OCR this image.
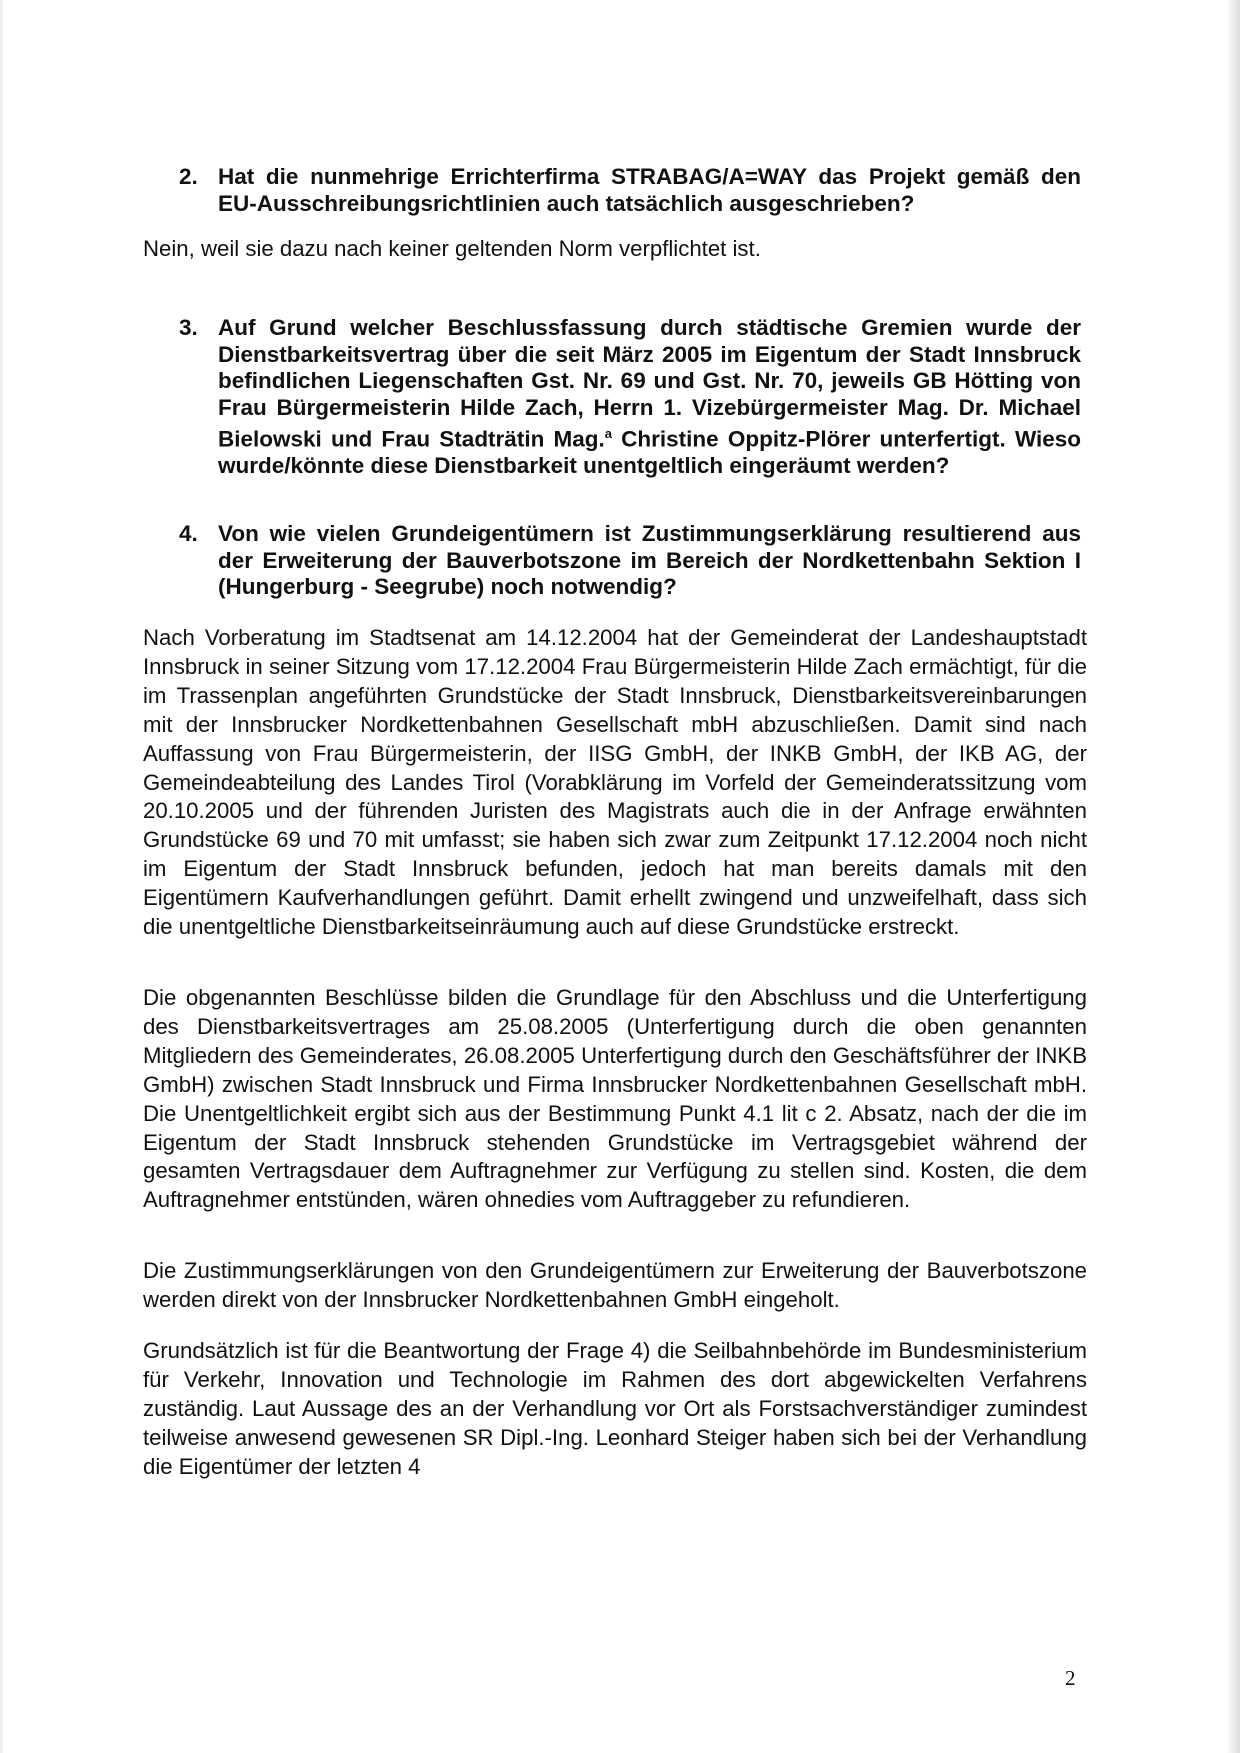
2. Hat die nunmehrige Errichterfirma STRABAG/A=WAY das Projekt gemäß den EU-Ausschreibungsrichtlinien auch tatsächlich ausgeschrieben?
Nein, weil sie dazu nach keiner geltenden Norm verpflichtet ist.
3. Auf Grund welcher Beschlussfassung durch städtische Gremien wurde der Dienstbarkeitsvertrag über die seit März 2005 im Eigentum der Stadt Innsbruck befindlichen Liegenschaften Gst. Nr. 69 und Gst. Nr. 70, jeweils GB Hötting von Frau Bürgermeisterin Hilde Zach, Herrn 1. Vizebürgermeister Mag. Dr. Michael Bielowski und Frau Stadträtin Mag.$^a$ Christine Oppitz-Plörer unterfertigt. Wieso wurde/könnte diese Dienstbarkeit unentgeltlich eingeräumt werden?
4. Von wie vielen Grundeigentümern ist Zustimmungserklärung resultierend aus der Erweiterung der Bauverbotszone im Bereich der Nordkettenbahn Sektion I (Hungerburg - Seegrube) noch notwendig?
Nach Vorberatung im Stadtsenat am 14.12.2004 hat der Gemeinderat der Landeshauptstadt Innsbruck in seiner Sitzung vom 17.12.2004 Frau Bürgermeisterin Hilde Zach ermächtigt, für die im Trassenplan angeführten Grundstücke der Stadt Innsbruck, Dienstbarkeitsvereinbarungen mit der Innsbrucker Nordkettenbahnen Gesellschaft mbH abzuschließen. Damit sind nach Auffassung von Frau Bürgermeisterin, der IISG GmbH, der INKB GmbH, der IKB AG, der Gemeindeabteilung des Landes Tirol (Vorabklärung im Vorfeld der Gemeinderatssitzung vom 20.10.2005 und der führenden Juristen des Magistrats auch die in der Anfrage erwähnten Grundstücke 69 und 70 mit umfasst; sie haben sich zwar zum Zeitpunkt 17.12.2004 noch nicht im Eigentum der Stadt Innsbruck befunden, jedoch hat man bereits damals mit den Eigentümern Kaufverhandlungen geführt. Damit erhellt zwingend und unzweifelhaft, dass sich die unentgeltliche Dienstbarkeitseinräumung auch auf diese Grundstücke erstreckt.
Die obgenannten Beschlüsse bilden die Grundlage für den Abschluss und die Unterfertigung des Dienstbarkeitsvertrages am 25.08.2005 (Unterfertigung durch die oben genannten Mitgliedern des Gemeinderates, 26.08.2005 Unterfertigung durch den Geschäftsführer der INKB GmbH) zwischen Stadt Innsbruck und Firma Innsbrucker Nordkettenbahnen Gesellschaft mbH. Die Unentgeltlichkeit ergibt sich aus der Bestimmung Punkt 4.1 lit c 2. Absatz, nach der die im Eigentum der Stadt Innsbruck stehenden Grundstücke im Vertragsgebiet während der gesamten Vertragsdauer dem Auftragnehmer zur Verfügung zu stellen sind. Kosten, die dem Auftragnehmer entstünden, wären ohnedies vom Auftraggeber zu refundieren.
Die Zustimmungserklärungen von den Grundeigentümern zur Erweiterung der Bauverbotszone werden direkt von der Innsbrucker Nordkettenbahnen GmbH eingeholt.
Grundsätzlich ist für die Beantwortung der Frage 4) die Seilbahnbehörde im Bundesministerium für Verkehr, Innovation und Technologie im Rahmen des dort abgewickelten Verfahrens zuständig. Laut Aussage des an der Verhandlung vor Ort als Forstsachverständiger zumindest teilweise anwesend gewesenen SR Dipl.-Ing. Leonhard Steiger haben sich bei der Verhandlung die Eigentümer der letzten 4
2
